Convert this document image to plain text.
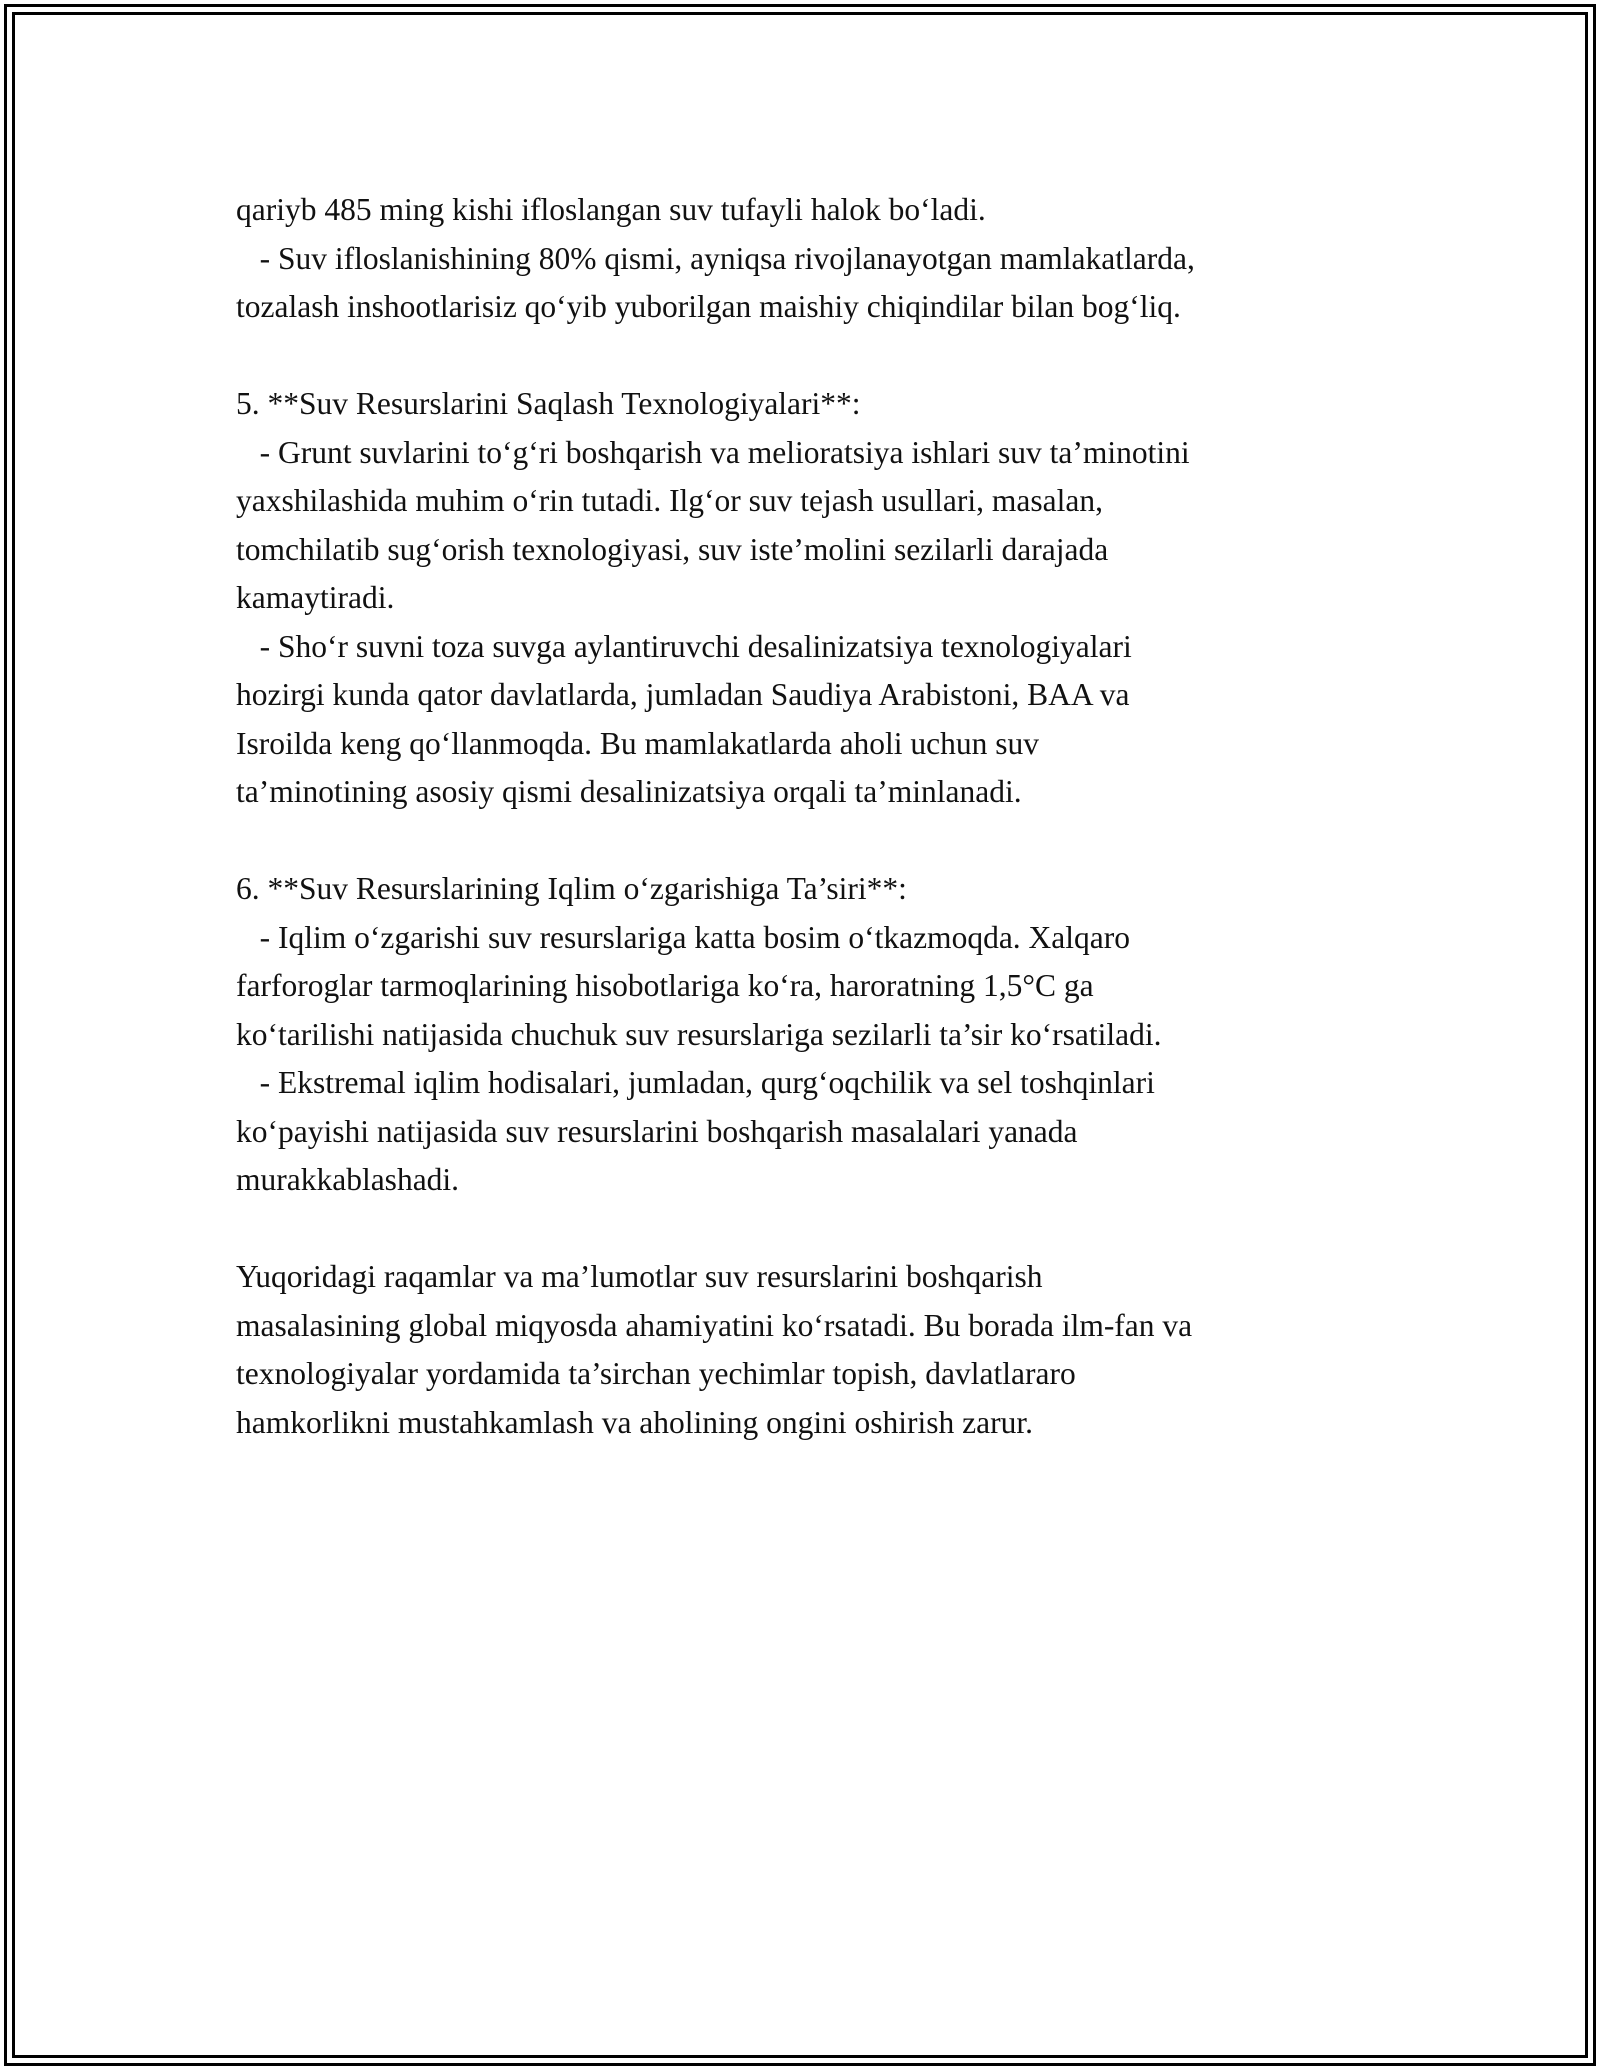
qariyb 485 ming kishi ifloslangan suv tufayli halok bo‘ladi.
- Suv ifloslanishining 80% qismi, ayniqsa rivojlanayotgan mamlakatlarda,
tozalash inshootlarisiz qo‘yib yuborilgan maishiy chiqindilar bilan bog‘liq.
5. **Suv Resurslarini Saqlash Texnologiyalari**:
- Grunt suvlarini to‘g‘ri boshqarish va melioratsiya ishlari suv ta’minotini
yaxshilashida muhim o‘rin tutadi. Ilg‘or suv tejash usullari, masalan,
tomchilatib sug‘orish texnologiyasi, suv iste’molini sezilarli darajada
kamaytiradi.
- Sho‘r suvni toza suvga aylantiruvchi desalinizatsiya texnologiyalari
hozirgi kunda qator davlatlarda, jumladan Saudiya Arabistoni, BAA va
Isroilda keng qo‘llanmoqda. Bu mamlakatlarda aholi uchun suv
ta’minotining asosiy qismi desalinizatsiya orqali ta’minlanadi.
6. **Suv Resurslarining Iqlim o‘zgarishiga Ta’siri**:
- Iqlim o‘zgarishi suv resurslariga katta bosim o‘tkazmoqda. Xalqaro
farforoglar tarmoqlarining hisobotlariga ko‘ra, haroratning 1,5°C ga
ko‘tarilishi natijasida chuchuk suv resurslariga sezilarli ta’sir ko‘rsatiladi.
- Ekstremal iqlim hodisalari, jumladan, qurg‘oqchilik va sel toshqinlari
ko‘payishi natijasida suv resurslarini boshqarish masalalari yanada
murakkablashadi.
Yuqoridagi raqamlar va ma’lumotlar suv resurslarini boshqarish
masalasining global miqyosda ahamiyatini ko‘rsatadi. Bu borada ilm-fan va
texnologiyalar yordamida ta’sirchan yechimlar topish, davlatlararo
hamkorlikni mustahkamlash va aholining ongini oshirish zarur.
